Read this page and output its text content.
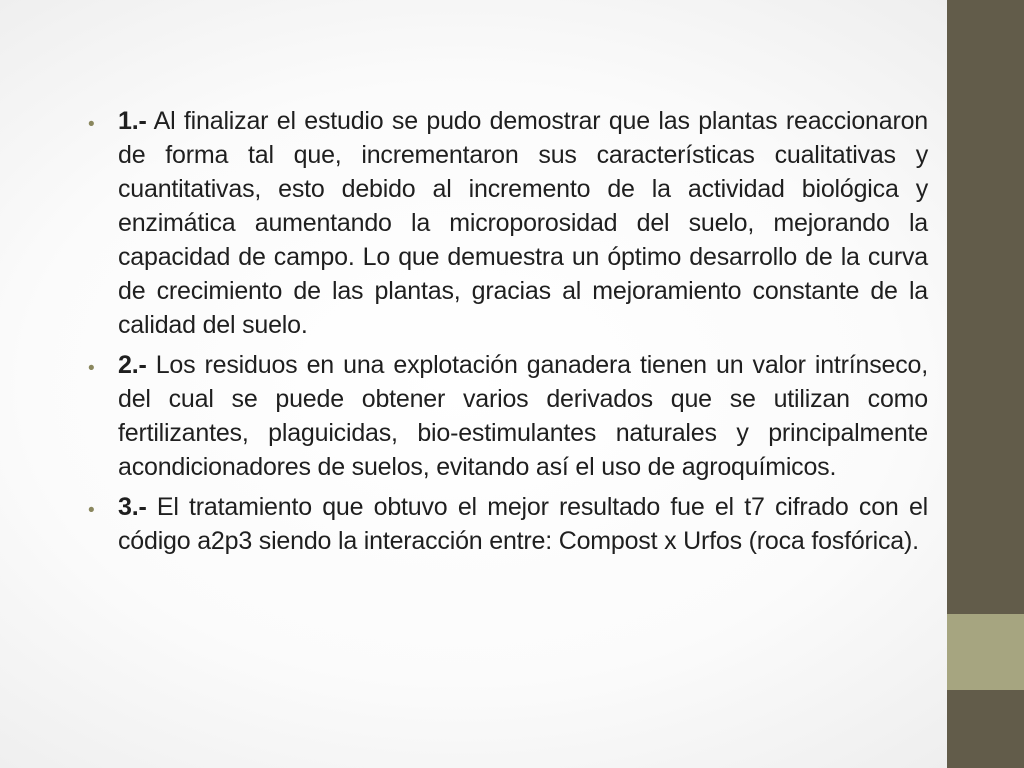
• 1.- Al finalizar el estudio se pudo demostrar que las plantas reaccionaron de forma tal que, incrementaron sus características cualitativas y cuantitativas, esto debido al incremento de la actividad biológica y enzimática aumentando la microporosidad del suelo, mejorando la capacidad de campo. Lo que demuestra un óptimo desarrollo de la curva de crecimiento de las plantas, gracias al mejoramiento constante de la calidad del suelo.
• 2.- Los residuos en una explotación ganadera tienen un valor intrínseco, del cual se puede obtener varios derivados que se utilizan como fertilizantes, plaguicidas, bio-estimulantes naturales y principalmente acondicionadores de suelos, evitando así el uso de agroquímicos.
• 3.- El tratamiento que obtuvo el mejor resultado fue el t7 cifrado con el código a2p3 siendo la interacción entre: Compost x Urfos (roca fosfórica).
